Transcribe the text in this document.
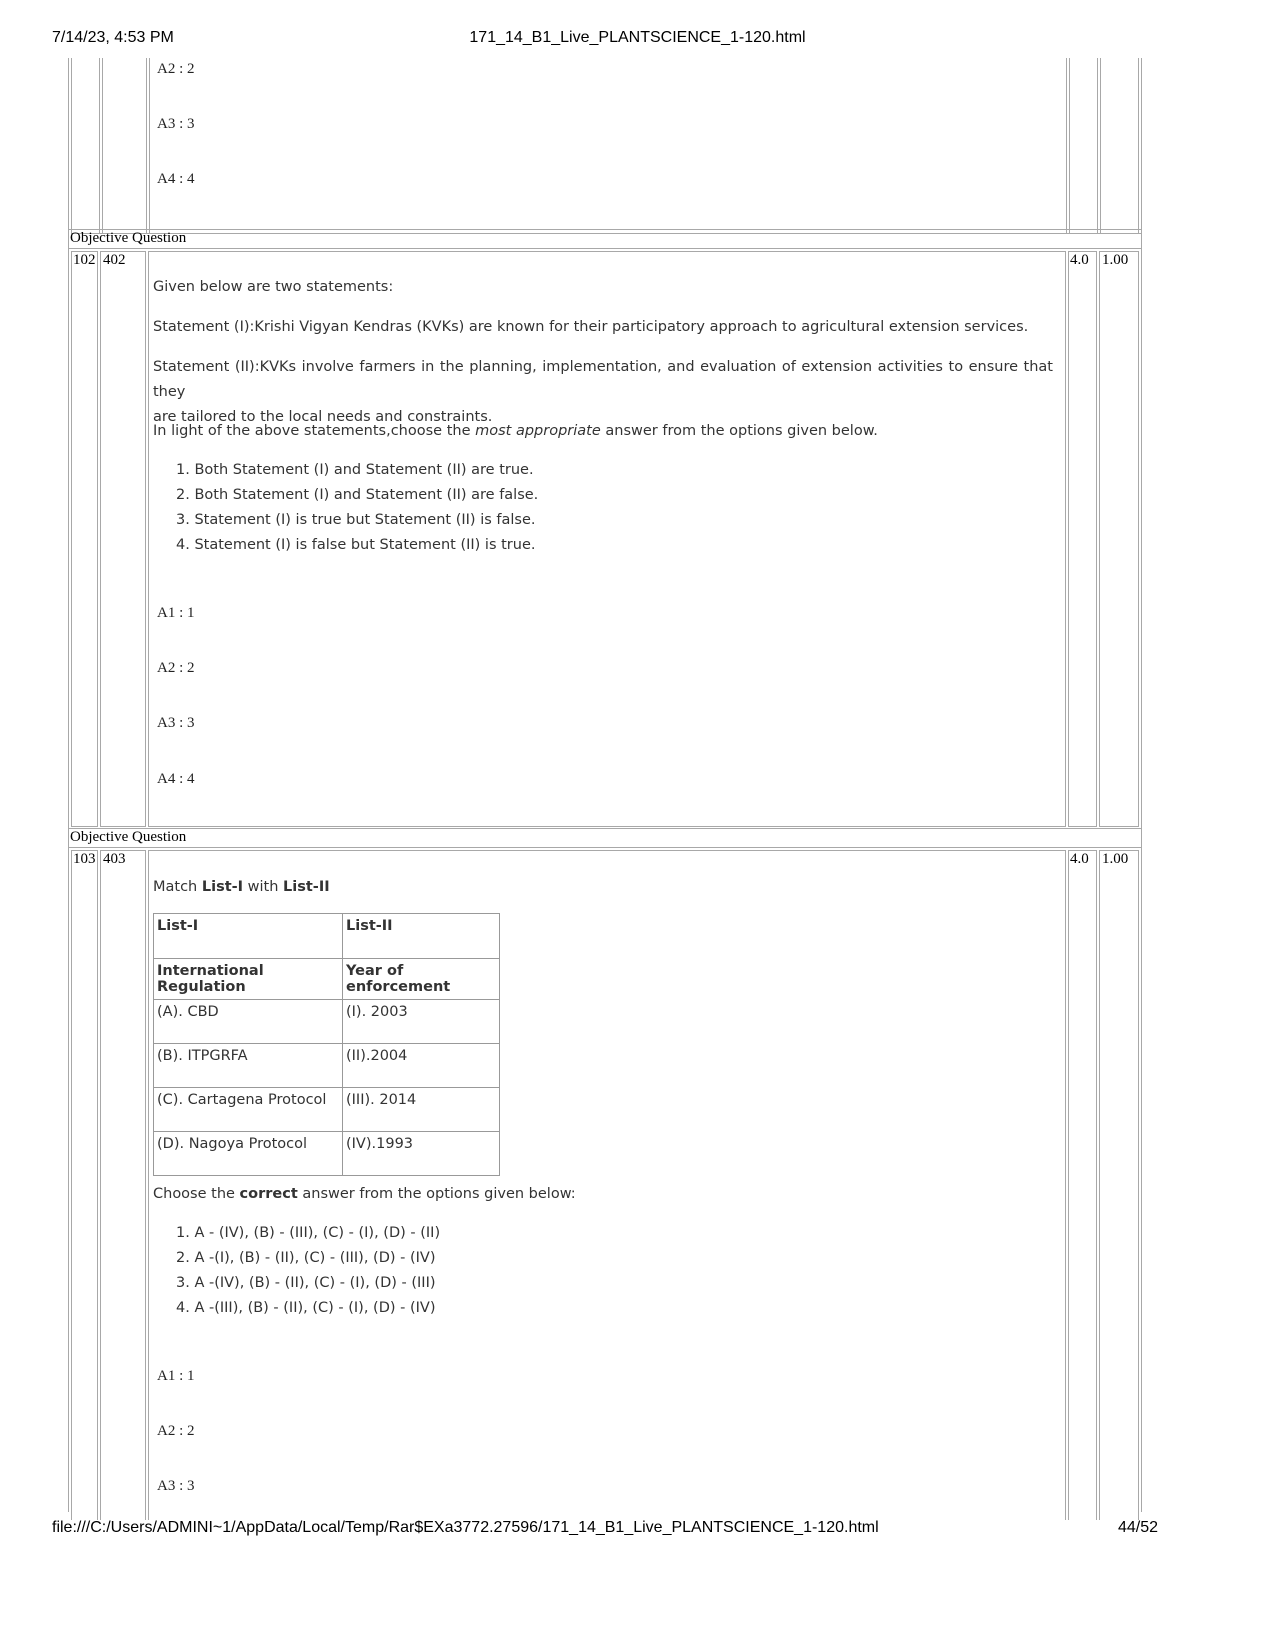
7/14/23, 4:53 PM	171_14_B1_Live_PLANTSCIENCE_1-120.html
A2 : 2
A3 : 3
A4 : 4
Objective Question
102 402	4.0 1.00
Given below are two statements:
Statement (I):Krishi Vigyan Kendras (KVKs) are known for their participatory approach to agricultural extension services.
Statement (II):KVKs involve farmers in the planning, implementation, and evaluation of extension activities to ensure that they
are tailored to the local needs and constraints.
In light of the above statements,choose the most appropriate answer from the options given below.
1. Both Statement (I) and Statement (II) are true.
2. Both Statement (I) and Statement (II) are false.
3. Statement (I) is true but Statement (II) is false.
4. Statement (I) is false but Statement (II) is true.
A1 : 1
A2 : 2
A3 : 3
A4 : 4
Objective Question
103 403	4.0 1.00
Match List-I with List-II
List-I	List-II
International Regulation	Year of enforcement
(A). CBD	(I). 2003
(B). ITPGRFA	(II).2004
(C). Cartagena Protocol	(III). 2014
(D). Nagoya Protocol	(IV).1993
Choose the correct answer from the options given below:
1. A - (IV), (B) - (III), (C) - (I), (D) - (II)
2. A -(I), (B) - (II), (C) - (III), (D) - (IV)
3. A -(IV), (B) - (II), (C) - (I), (D) - (III)
4. A -(III), (B) - (II), (C) - (I), (D) - (IV)
A1 : 1
A2 : 2
A3 : 3
file:///C:/Users/ADMINI~1/AppData/Local/Temp/Rar$EXa3772.27596/171_14_B1_Live_PLANTSCIENCE_1-120.html	44/52
